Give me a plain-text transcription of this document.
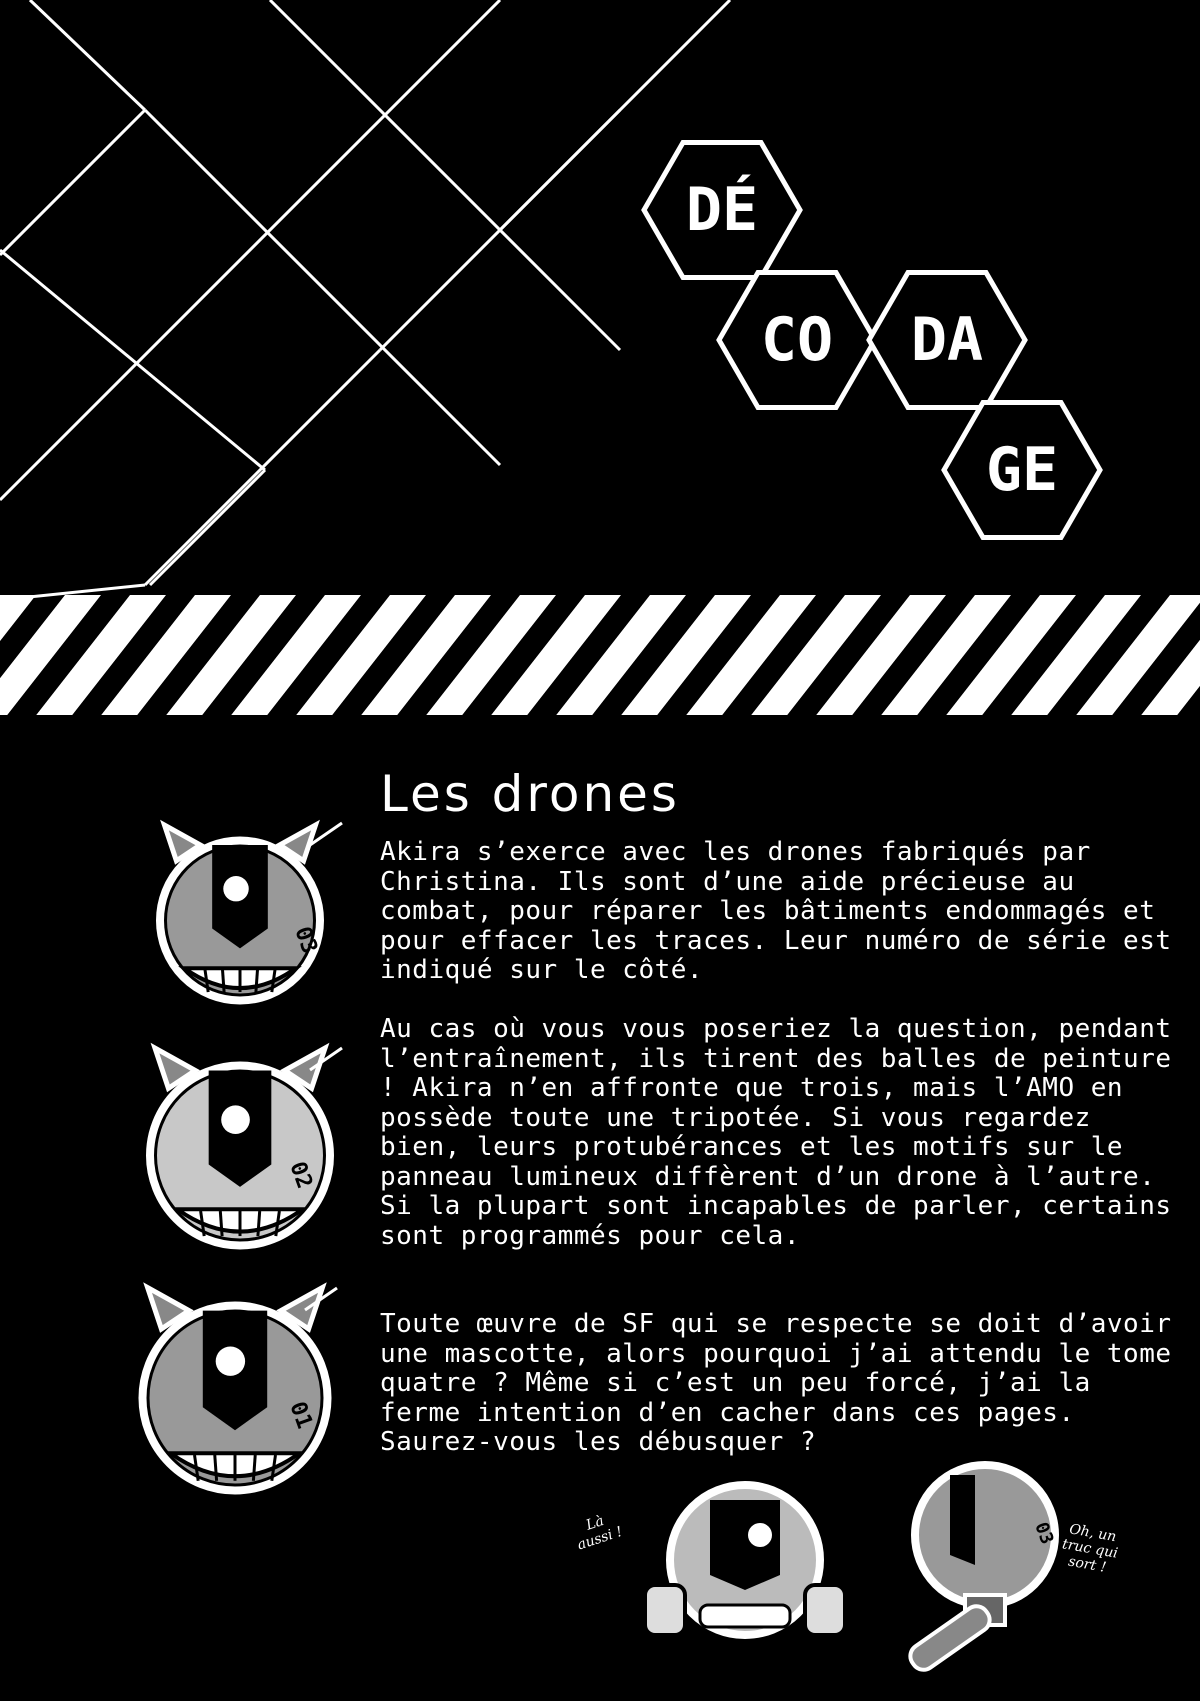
DÉ
CO DA
GE
Les drones

Akira s’exerce avec les drones fabriqués par Christina. Ils sont d’une aide précieuse au combat, pour réparer les bâtiments endommagés et pour effacer les traces. Leur numéro de série est indiqué sur le côté.

Au cas où vous vous poseriez la question, pendant l’entraînement, ils tirent des balles de peinture ! Akira n’en affronte que trois, mais l’AMO en possède toute une tripotée. Si vous regardez bien, leurs protubérances et les motifs sur le panneau lumineux diffèrent d’un drone à l’autre. Si la plupart sont incapables de parler, certains sont programmés pour cela.

Toute œuvre de SF qui se respecte se doit d’avoir une mascotte, alors pourquoi j’ai attendu le tome quatre ? Même si c’est un peu forcé, j’ai la ferme intention d’en cacher dans ces pages. Saurez-vous les débusquer ?

03
02
01
03
Là aussi !	Oh, un truc qui sort !
